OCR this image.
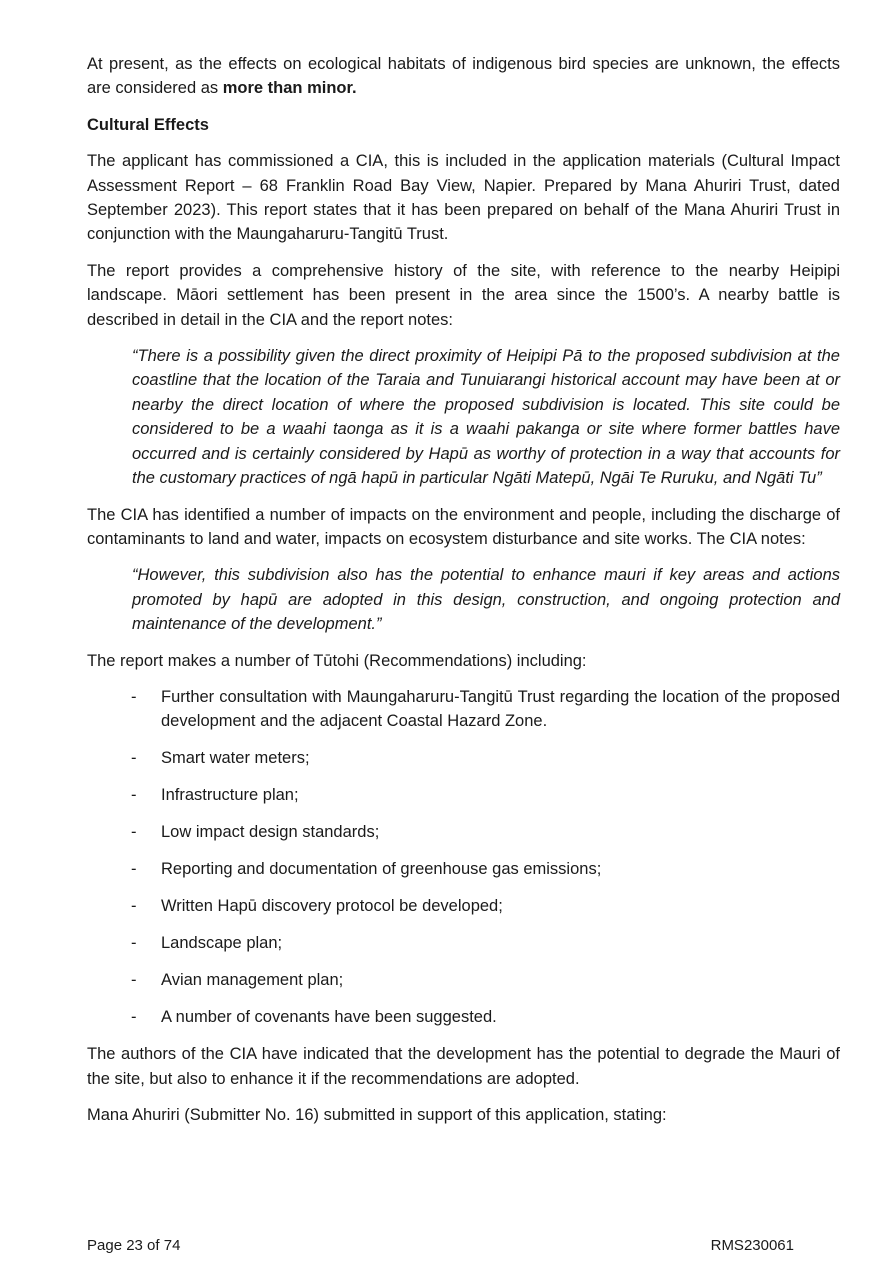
At present, as the effects on ecological habitats of indigenous bird species are unknown, the effects are considered as more than minor.

Cultural Effects

The applicant has commissioned a CIA, this is included in the application materials (Cultural Impact Assessment Report – 68 Franklin Road Bay View, Napier. Prepared by Mana Ahuriri Trust, dated September 2023). This report states that it has been prepared on behalf of the Mana Ahuriri Trust in conjunction with the Maungaharuru-Tangitū Trust.

The report provides a comprehensive history of the site, with reference to the nearby Heipipi landscape. Māori settlement has been present in the area since the 1500’s. A nearby battle is described in detail in the CIA and the report notes:

“There is a possibility given the direct proximity of Heipipi Pā to the proposed subdivision at the coastline that the location of the Taraia and Tunuiarangi historical account may have been at or nearby the direct location of where the proposed subdivision is located. This site could be considered to be a waahi taonga as it is a waahi pakanga or site where former battles have occurred and is certainly considered by Hapū as worthy of protection in a way that accounts for the customary practices of ngā hapū in particular Ngāti Matepū, Ngāi Te Ruruku, and Ngāti Tu”

The CIA has identified a number of impacts on the environment and people, including the discharge of contaminants to land and water, impacts on ecosystem disturbance and site works. The CIA notes:

“However, this subdivision also has the potential to enhance mauri if key areas and actions promoted by hapū are adopted in this design, construction, and ongoing protection and maintenance of the development.”

The report makes a number of Tūtohi (Recommendations) including:

- Further consultation with Maungaharuru-Tangitū Trust regarding the location of the proposed development and the adjacent Coastal Hazard Zone.
- Smart water meters;
- Infrastructure plan;
- Low impact design standards;
- Reporting and documentation of greenhouse gas emissions;
- Written Hapū discovery protocol be developed;
- Landscape plan;
- Avian management plan;
- A number of covenants have been suggested.

The authors of the CIA have indicated that the development has the potential to degrade the Mauri of the site, but also to enhance it if the recommendations are adopted.

Mana Ahuriri (Submitter No. 16) submitted in support of this application, stating:

Page 23 of 74	RMS230061
